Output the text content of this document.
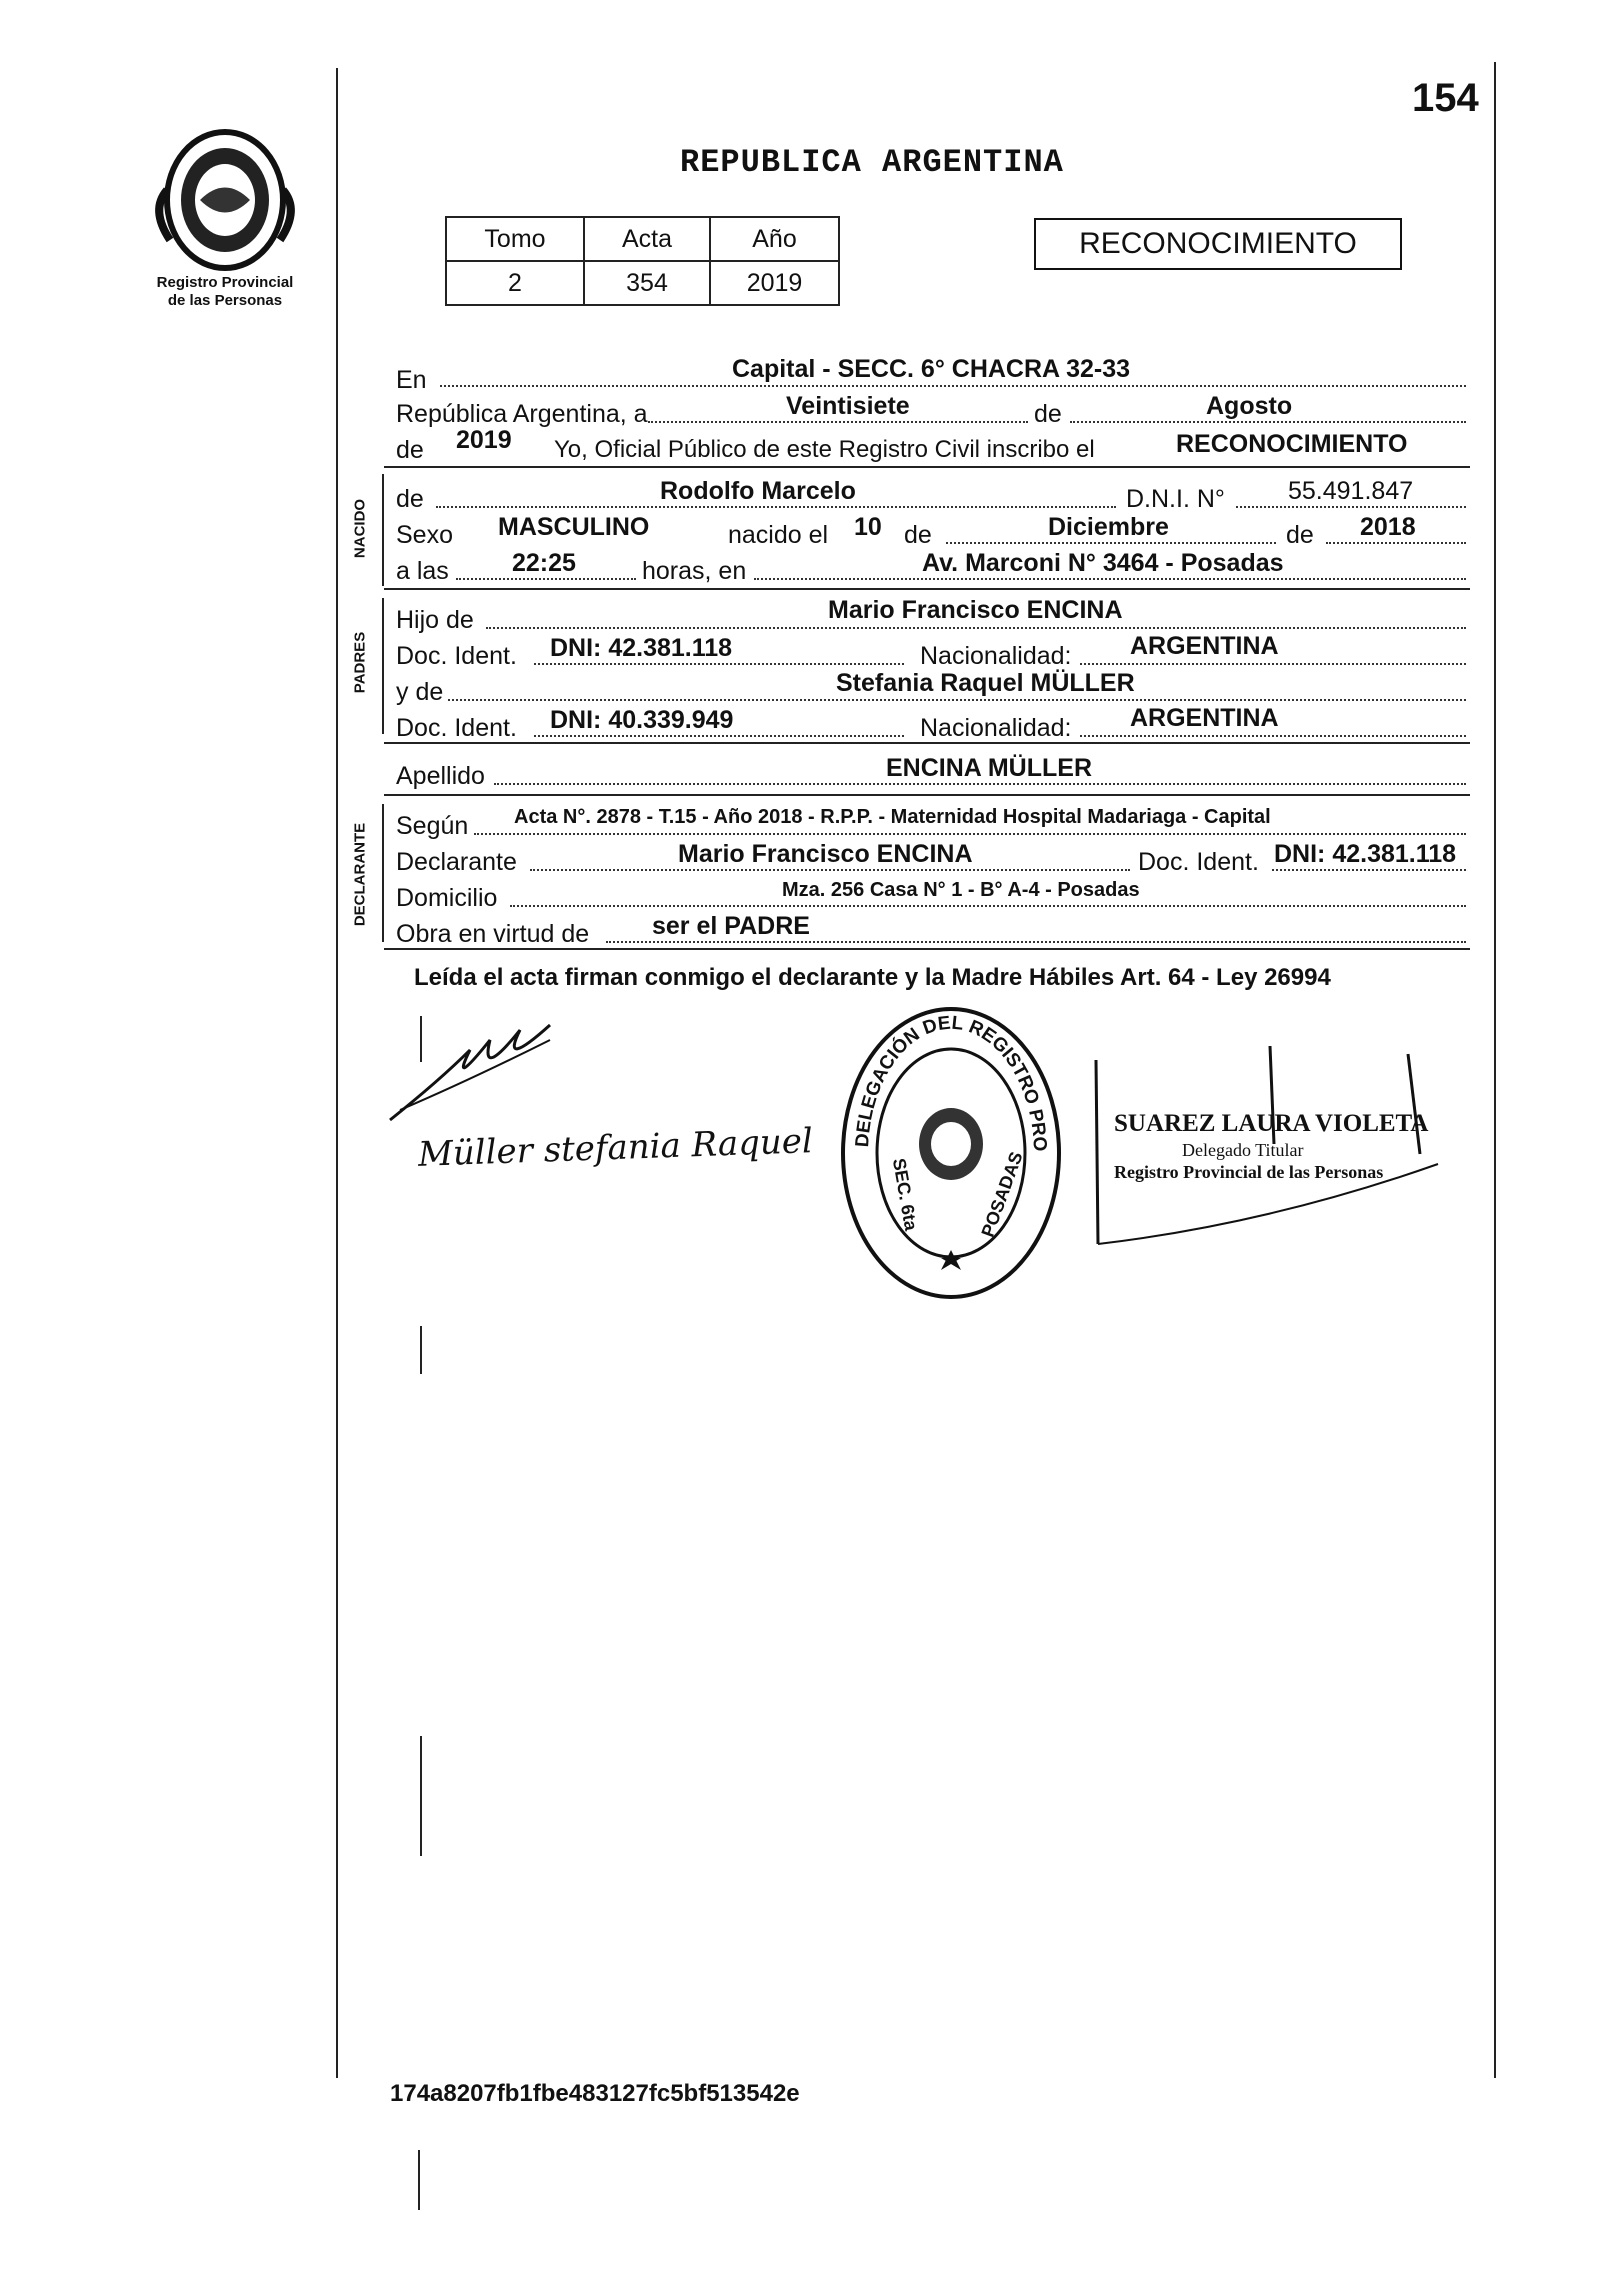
154
Registro Provincial
de las Personas
REPUBLICA ARGENTINA
Tomo	Acta	Año
2	354	2019
RECONOCIMIENTO
En	Capital - SECC. 6° CHACRA 32-33
República Argentina, a	Veintisiete	de	Agosto
de 2019 Yo, Oficial Público de este Registro Civil inscribo el	RECONOCIMIENTO
NACIDO de	Rodolfo Marcelo	D.N.I. N°	55.491.847
Sexo MASCULINO	nacido el 10 de	Diciembre	de 2018
a las	22:25	horas, en	Av. Marconi N° 3464 - Posadas
PADRES
Hijo de	Mario Francisco ENCINA
Doc. Ident. DNI: 42.381.118	Nacionalidad: ARGENTINA
y de	Stefania Raquel MÜLLER
Doc. Ident. DNI: 40.339.949	Nacionalidad: ARGENTINA
Apellido	ENCINA MÜLLER
DECLARANTE Según Acta N°. 2878 - T.15 - Año 2018 - R.P.P. - Maternidad Hospital Madariaga - Capital
Declarante	Mario Francisco ENCINA	Doc. Ident. DNI: 42.381.118
Domicilio	Mza. 256 Casa N° 1 - B° A-4 - Posadas
Obra en virtud de	ser el PADRE
Leída el acta firman conmigo el declarante y la Madre Hábiles Art. 64 - Ley 26994
Müller stefania Raquel	DELEGACIÓN DEL REGISTRO PRO
SEC. 6ta	POSADAS
SUAREZ LAURA VIOLETA
Delegado Titular
Registro Provincial de las Personas
174a8207fb1fbe483127fc5bf513542e
